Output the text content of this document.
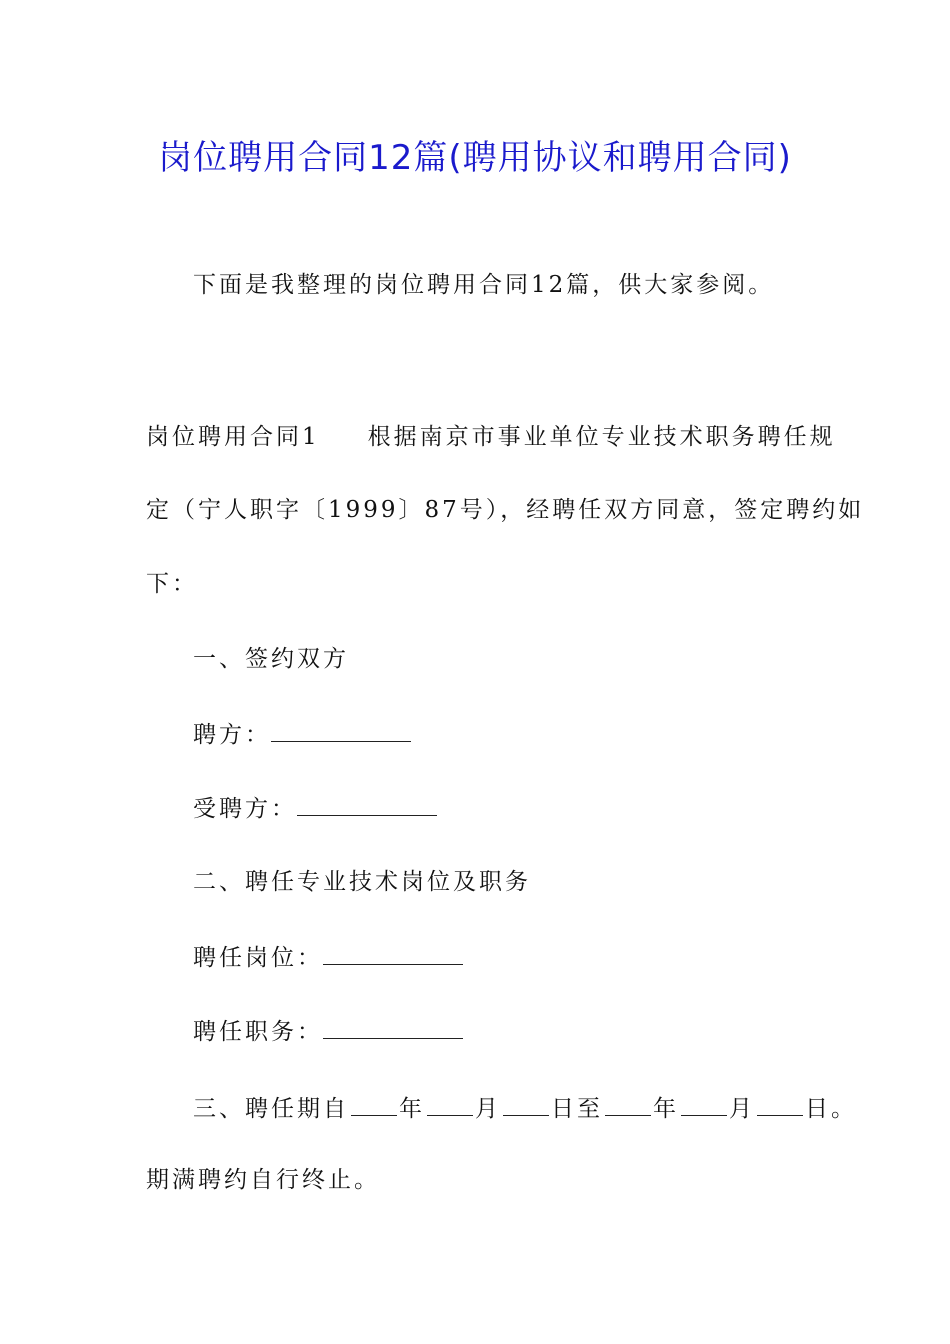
岗位聘用合同12篇(聘用协议和聘用合同)
下面是我整理的岗位聘用合同12篇，供大家参阅。
岗位聘用合同1 根据南京市事业单位专业技术职务聘任规
定（宁人职字〔1999〕87号），经聘任双方同意，签定聘约如
下：
一、签约双方
聘方：
受聘方：
二、聘任专业技术岗位及职务
聘任岗位：
聘任职务：
三、聘任期自 年 月 日至 年 月 日。
期满聘约自行终止。
